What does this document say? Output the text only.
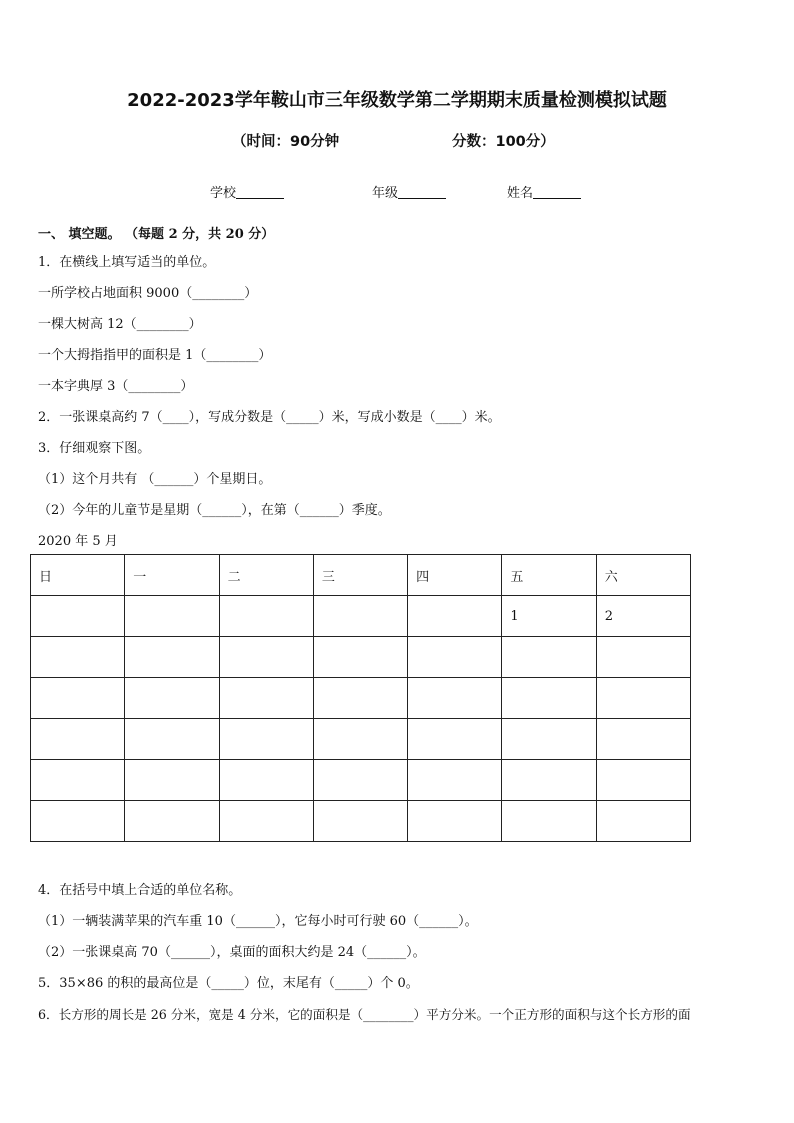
2022-2023学年鞍山市三年级数学第二学期期末质量检测模拟试题
（时间：90分钟	分数：100分）
学校	年级	姓名
一、 填空题。 （每题 2 分，共 20 分）
1．在横线上填写适当的单位。
一所学校占地面积 9000（________）
一棵大树高 12（________）
一个大拇指指甲的面积是 1（________）
一本字典厚 3（________）
2．一张课桌高约 7（____），写成分数是（_____）米，写成小数是（____）米。
3．仔细观察下图。
（1）这个月共有 （______）个星期日。
（2）今年的儿童节是星期（______），在第（______）季度。
2020 年 5 月
日	一	二	三	四	五	六
					1	2

4．在括号中填上合适的单位名称。
（1）一辆装满苹果的汽车重 10（______），它每小时可行驶 60（______）。
（2）一张课桌高 70（______），桌面的面积大约是 24（______）。
5．35×86 的积的最高位是（_____）位，末尾有（_____）个 0。
6．长方形的周长是 26 分米，宽是 4 分米，它的面积是（________）平方分米。一个正方形的面积与这个长方形的面
